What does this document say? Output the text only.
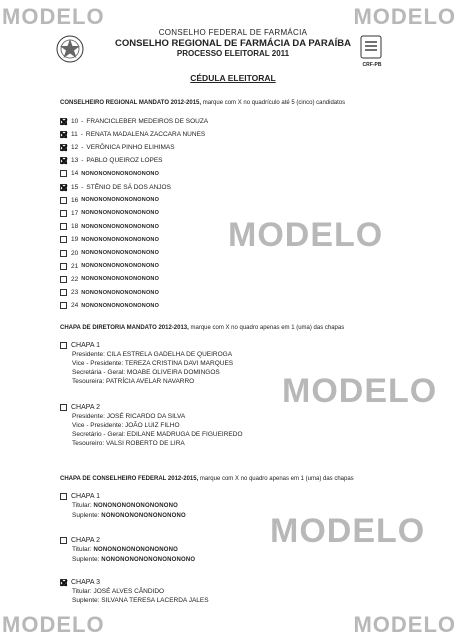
MODELO	MODELO
MODELO
MODELO
MODELO
MODELO	MODELO
CRF-PB
CONSELHO FEDERAL DE FARMÁCIA
CONSELHO REGIONAL DE FARMÁCIA DA PARAÍBA
PROCESSO ELEITORAL 2011
CÉDULA ELEITORAL
CONSELHEIRO REGIONAL MANDATO 2012-2015, marque com X no quadrículo até 5 (cinco) candidatos
10 - FRANCICLEBER MEDEIROS DE SOUZA
11 - RENATA MADALENA ZACCARA NUNES
12 - VERÔNICA PINHO ELIHIMAS
13 - PABLO QUEIROZ LOPES
14 NONONONONONONONONO
15 - STÊNIO DE SÁ DOS ANJOS
16 NONONONONONONONONO
17 NONONONONONONONONO
18 NONONONONONONONONO
19 NONONONONONONONONO
20 NONONONONONONONONO
21 NONONONONONONONONO
22 NONONONONONONONONO
23 NONONONONONONONONO
24 NONONONONONONONONO
CHAPA DE DIRETORIA MANDATO 2012-2013, marque com X no quadro apenas em 1 (uma) das chapas
CHAPA 1
Presidente: CILA ESTRELA GADELHA DE QUEIROGA
Vice - Presidente: TEREZA CRISTINA DAVI MARQUES
Secretária - Geral: MOABE OLIVEIRA DOMINGOS
Tesoureira: PATRÍCIA AVELAR NAVARRO
CHAPA 2
Presidente: JOSÉ RICARDO DA SILVA
Vice - Presidente: JOÃO LUIZ FILHO
Secretário - Geral: EDILANE MADRUGA DE FIGUEIREDO
Tesoureiro: VALSI ROBERTO DE LIRA
CHAPA DE CONSELHEIRO FEDERAL 2012-2015, marque com X no quadro apenas em 1 (uma) das chapas
CHAPA 1
Titular: NONONONONONONONONO
Suplente: NONONONONONONONONO
CHAPA 2
Titular: NONONONONONONONONO
Suplente: NONONONONONONONONONO
CHAPA 3
Titular: JOSÉ ALVES CÂNDIDO
Suplente: SILVANA TERESA LACERDA JALES
